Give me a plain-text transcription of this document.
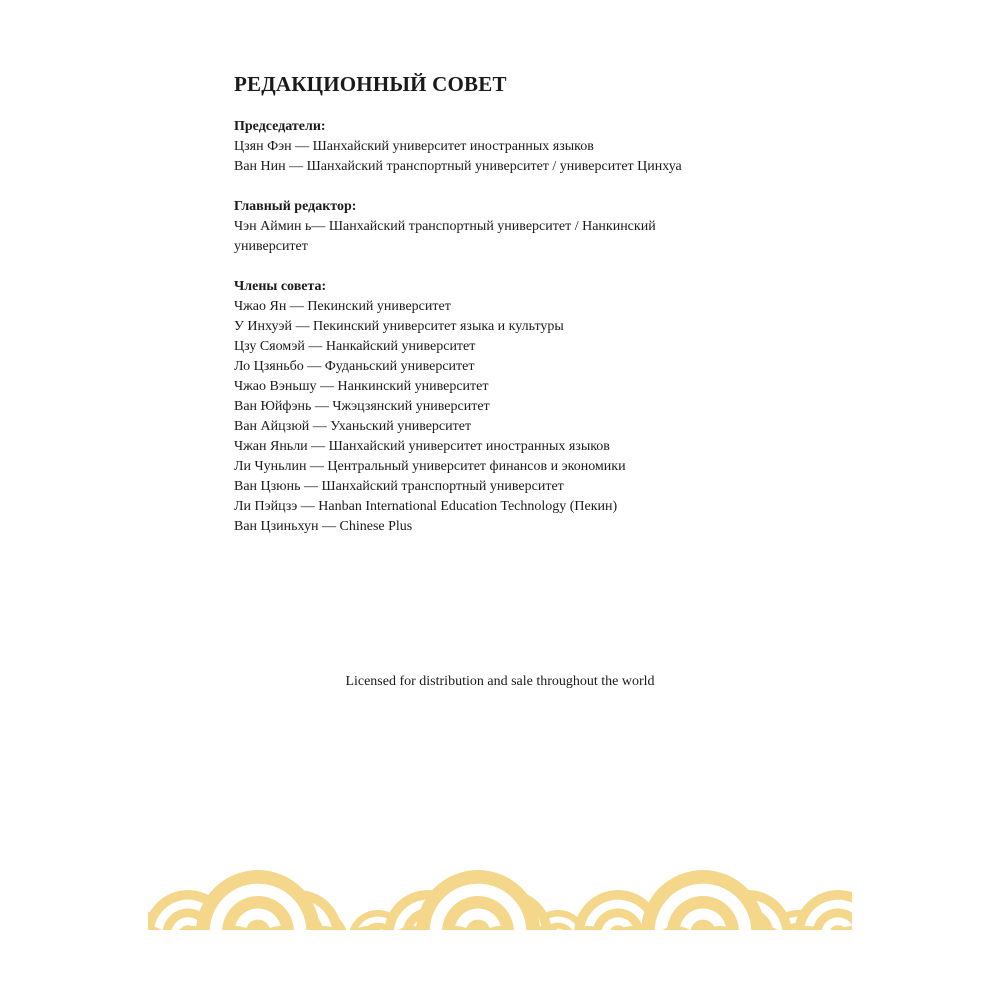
РЕДАКЦИОННЫЙ СОВЕТ

Председатели:

Цзян Фэн — Шанхайский университет иностранных языков

Ван Нин — Шанхайский транспортный университет / университет Цинхуа

Главный редактор:

Чэн Аймин ь— Шанхайский транспортный университет / Нанкинский

университет

Члены совета:

Чжао Ян — Пекинский университет

У Инхуэй — Пекинский университет языка и культуры

Цзу Сяомэй — Нанкайский университет

Ло Цзяньбо — Фуданьский университет

Чжао Вэньшу — Нанкинский университет

Ван Юйфэнь — Чжэцзянский университет

Ван Айцзюй — Уханьский университет

Чжан Яньли — Шанхайский университет иностранных языков

Ли Чуньлин — Центральный университет финансов и экономики

Ван Цзюнь — Шанхайский транспортный университет

Ли Пэйцзэ — Hanban International Education Technology (Пекин)

Ван Цзиньхун — Chinese Plus

Licensed for distribution and sale throughout the world
